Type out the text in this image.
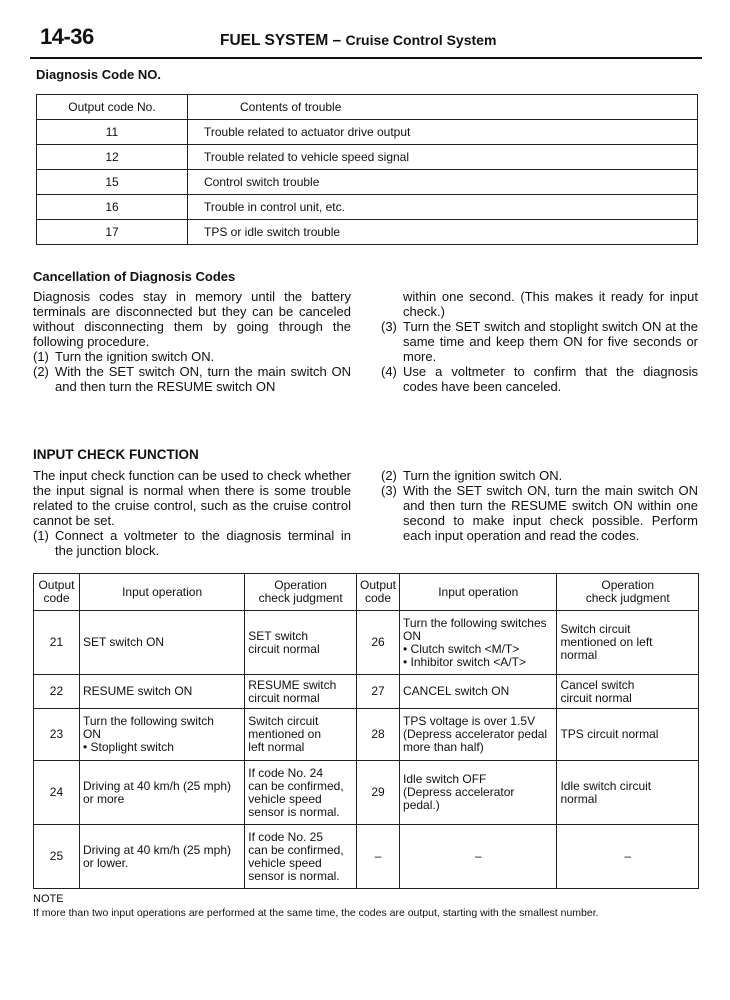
14-36	FUEL SYSTEM – Cruise Control System
Diagnosis Code NO.
Output code No.	Contents of trouble
11	Trouble related to actuator drive output
12	Trouble related to vehicle speed signal
15	Control switch trouble
16	Trouble in control unit, etc.
17	TPS or idle switch trouble
Cancellation of Diagnosis Codes

Diagnosis codes stay in memory until the battery terminals are disconnected but they can be canceled without disconnecting them by going through the following procedure.

(1) Turn the ignition switch ON.
(2) With the SET switch ON, turn the main switch ON and then turn the RESUME switch ON
within one second. (This makes it ready for input check.)
(3) Turn the SET switch and stoplight switch ON at the same time and keep them ON for five seconds or more.
(4) Use a voltmeter to confirm that the diagnosis codes have been canceled.
INPUT CHECK FUNCTION

The input check function can be used to check whether the input signal is normal when there is some trouble related to the cruise control, such as the cruise control cannot be set.

(1) Connect a voltmeter to the diagnosis terminal in the junction block.
(2) Turn the ignition switch ON.
(3) With the SET switch ON, turn the main switch ON and then turn the RESUME switch ON within one second to make input check possible. Perform each input operation and read the codes.
Output
code	Input operation	Operation
check judgment	Output
code	Input operation	Operation
check judgment
21	SET switch ON	SET switch
circuit normal	26	Turn the following switches
ON
• Clutch switch <M/T>
• Inhibitor switch <A/T>	Switch circuit
mentioned on left
normal
22	RESUME switch ON	RESUME switch
circuit normal	27	CANCEL switch ON	Cancel switch
circuit normal
23	Turn the following switch
ON
• Stoplight switch	Switch circuit
mentioned on
left normal	28	TPS voltage is over 1.5V
(Depress accelerator pedal
more than half)	TPS circuit normal
24	Driving at 40 km/h (25 mph)
or more	If code No. 24
can be confirmed,
vehicle speed
sensor is normal.	29	Idle switch OFF
(Depress accelerator pedal.)	Idle switch circuit
normal
25	Driving at 40 km/h (25 mph)
or lower.	If code No. 25
can be confirmed,
vehicle speed
sensor is normal.	–	–	–
NOTE
If more than two input operations are performed at the same time, the codes are output, starting with the smallest number.
